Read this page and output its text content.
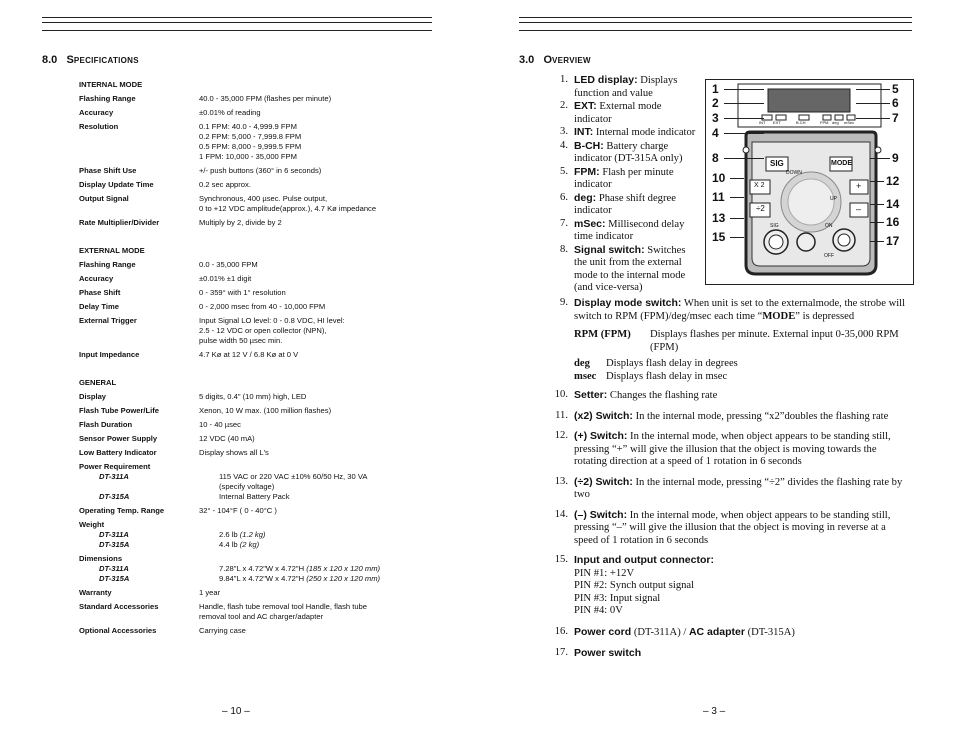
8.0 SPECIFICATIONS
INTERNAL MODE
Flashing Range	40.0 - 35,000 FPM (flashes per minute)
Accuracy	±0.01% of reading
Resolution	0.1 FPM: 40.0 - 4,999.9 FPM
0.2 FPM: 5,000 - 7,999.8 FPM
0.5 FPM: 8,000 - 9,999.5 FPM
1 FPM: 10,000 - 35,000 FPM
Phase Shift Use	+/- push buttons (360° in 6 seconds)
Display Update Time	0.2 sec approx.
Output Signal	Synchronous, 400 µsec. Pulse output,
0 to +12 VDC amplitude(approx.), 4.7 Kø impedance
Rate Multiplier/Divider	Multiply by 2, divide by 2
EXTERNAL MODE
Flashing Range	0.0 - 35,000 FPM
Accuracy	±0.01% ±1 digit
Phase Shift	0 - 359° with 1° resolution
Delay Time	0 - 2,000 msec from 40 - 10,000 FPM
External Trigger	Input Signal LO level: 0 - 0.8 VDC, HI level:
2.5 - 12 VDC or open collector (NPN),
pulse width 50 µsec min.
Input Impedance	4.7 Kø at 12 V / 6.8 Kø at 0 V
GENERAL
Display	5 digits, 0.4" (10 mm) high, LED
Flash Tube Power/Life	Xenon, 10 W max. (100 million flashes)
Flash Duration	10 - 40 µsec
Sensor Power Supply	12 VDC (40 mA)
Low Battery Indicator	Display shows all L's
Power Requirement
DT-311A	115 VAC or 220 VAC ±10% 60/50 Hz, 30 VA
(specify voltage)
DT-315A	Internal Battery Pack
Operating Temp. Range	32° - 104°F ( 0 - 40°C )
Weight
DT-311A	2.6 lb (1.2 kg)
DT-315A	4.4 lb (2 kg)
Dimensions
DT-311A	7.28"L x 4.72"W x 4.72"H (185 x 120 x 120 mm)
DT-315A	9.84"L x 4.72"W x 4.72"H (250 x 120 x 120 mm)
Warranty	1 year
Standard Accessories	Handle, flash tube removal tool Handle, flash tube
removal tool and AC charger/adapter
Optional Accessories	Carrying case
– 10 –
3.0 OVERVIEW
1. LED display: Displays function and value
2. EXT: External mode indicator
3. INT: Internal mode indicator
4. B-CH: Battery charge indicator (DT-315A only)
5. FPM: Flash per minute indicator
6. deg: Phase shift degree indicator
7. mSec: Millisecond delay time indicator
8. Signal switch: Switches the unit from the external mode to the internal mode (and vice-versa)
SIG	MODE
X 2
÷2
+
–
DOWN
UP
ON
OFF
SIG
INT EXT	B.CH	FPM deg mSec
1
2
3
4
8
10
11
13
15
5
6
7
9
12
14
16
17
9. Display mode switch: When unit is set to the externalmode, the strobe will switch to RPM (FPM)/deg/msec each time “MODE” is depressed
RPM (FPM)	Displays flashes per minute. External input 0-35,000 RPM (FPM)
deg	Displays flash delay in degrees
msec Displays flash delay in msec
10. Setter: Changes the flashing rate
11. (x2) Switch: In the internal mode, pressing “x2”doubles the flashing rate
12. (+) Switch: In the internal mode, when object appears to be standing still, pressing “+” will give the illusion that the object is moving towards the rotating direction at a speed of 1 rotation in 6 seconds
13. (÷2) Switch: In the internal mode, pressing “÷2” divides the flashing rate by two
14. (–) Switch: In the internal mode, when object appears to be standing still, pressing “–” will give the illusion that the object is moving in reverse at a speed of 1 rotation in 6 seconds
15. Input and output connector:
PIN #1: +12V
PIN #2: Synch output signal
PIN #3: Input signal
PIN #4: 0V
16. Power cord (DT-311A) / AC adapter (DT-315A)
17. Power switch
– 3 –
